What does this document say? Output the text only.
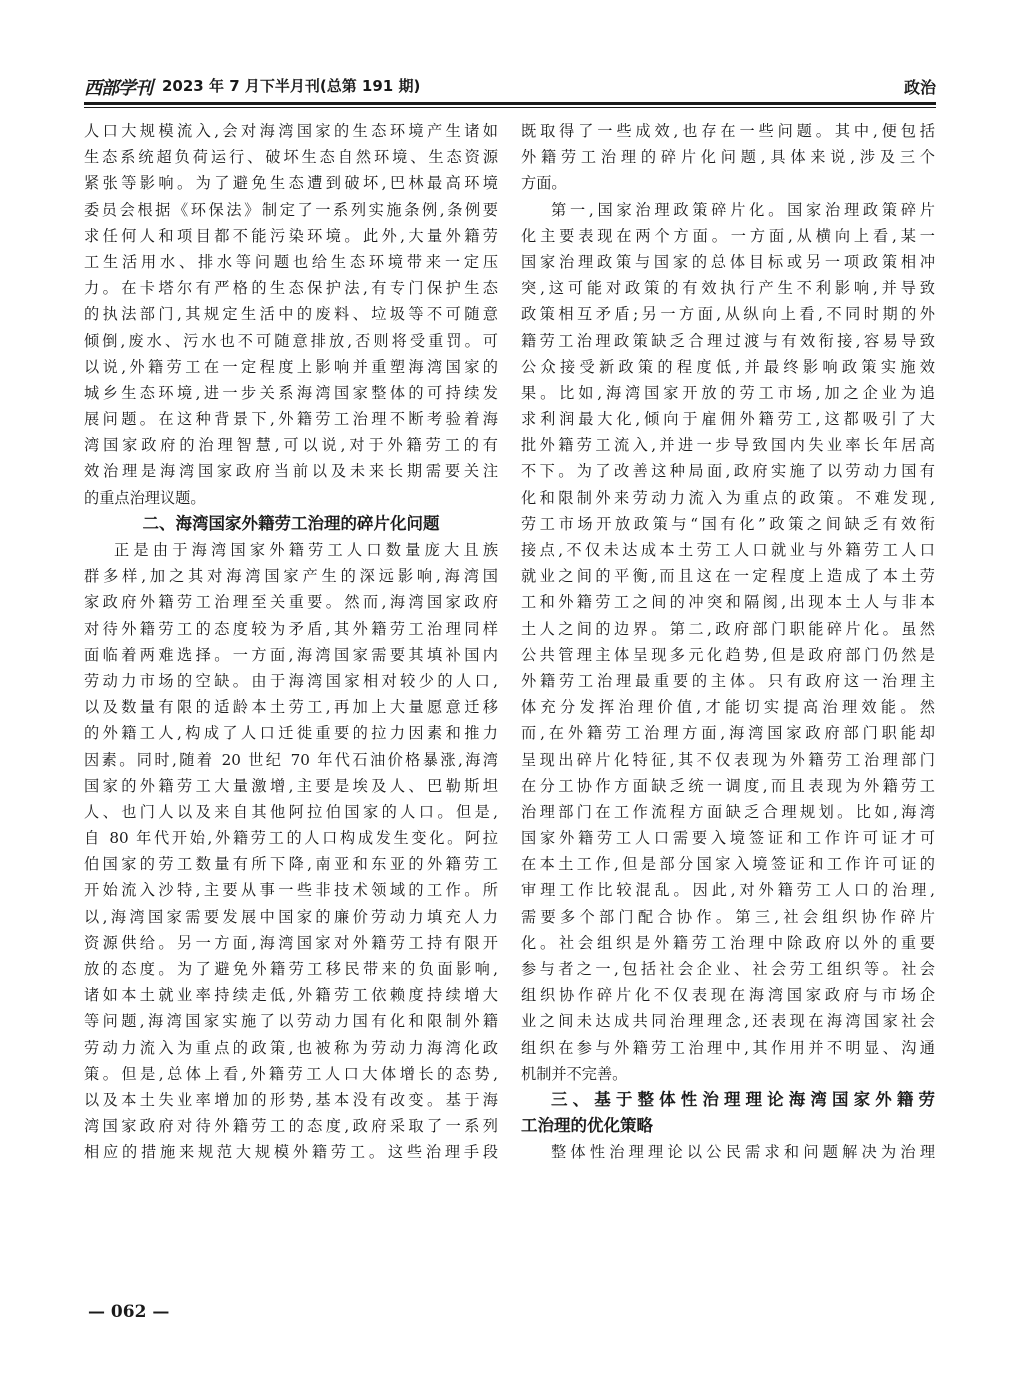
西部学刊 2023 年 7 月下半月刊(总第 191 期)	政治
人口大规模流入,会对海湾国家的生态环境产生诸如
生态系统超负荷运行、破坏生态自然环境、生态资源
紧张等影响。为了避免生态遭到破坏,巴林最高环境
委员会根据《环保法》制定了一系列实施条例,条例要
求任何人和项目都不能污染环境。此外,大量外籍劳
工生活用水、排水等问题也给生态环境带来一定压
力。在卡塔尔有严格的生态保护法,有专门保护生态
的执法部门,其规定生活中的废料、垃圾等不可随意
倾倒,废水、污水也不可随意排放,否则将受重罚。可
以说,外籍劳工在一定程度上影响并重塑海湾国家的
城乡生态环境,进一步关系海湾国家整体的可持续发
展问题。在这种背景下,外籍劳工治理不断考验着海
湾国家政府的治理智慧,可以说,对于外籍劳工的有
效治理是海湾国家政府当前以及未来长期需要关注
的重点治理议题。
二、海湾国家外籍劳工治理的碎片化问题
正是由于海湾国家外籍劳工人口数量庞大且族
群多样,加之其对海湾国家产生的深远影响,海湾国
家政府外籍劳工治理至关重要。然而,海湾国家政府
对待外籍劳工的态度较为矛盾,其外籍劳工治理同样
面临着两难选择。一方面,海湾国家需要其填补国内
劳动力市场的空缺。由于海湾国家相对较少的人口,
以及数量有限的适龄本土劳工,再加上大量愿意迁移
的外籍工人,构成了人口迁徙重要的拉力因素和推力
因素。同时,随着 20 世纪 70 年代石油价格暴涨,海湾
国家的外籍劳工大量激增,主要是埃及人、巴勒斯坦
人、也门人以及来自其他阿拉伯国家的人口。但是,
自 80 年代开始,外籍劳工的人口构成发生变化。阿拉
伯国家的劳工数量有所下降,南亚和东亚的外籍劳工
开始流入沙特,主要从事一些非技术领域的工作。所
以,海湾国家需要发展中国家的廉价劳动力填充人力
资源供给。另一方面,海湾国家对外籍劳工持有限开
放的态度。为了避免外籍劳工移民带来的负面影响,
诸如本土就业率持续走低,外籍劳工依赖度持续增大
等问题,海湾国家实施了以劳动力国有化和限制外籍
劳动力流入为重点的政策,也被称为劳动力海湾化政
策。但是,总体上看,外籍劳工人口大体增长的态势,
以及本土失业率增加的形势,基本没有改变。基于海
湾国家政府对待外籍劳工的态度,政府采取了一系列
相应的措施来规范大规模外籍劳工。这些治理手段
既取得了一些成效,也存在一些问题。其中,便包括
外籍劳工治理的碎片化问题,具体来说,涉及三个
方面。
第一,国家治理政策碎片化。国家治理政策碎片
化主要表现在两个方面。一方面,从横向上看,某一
国家治理政策与国家的总体目标或另一项政策相冲
突,这可能对政策的有效执行产生不利影响,并导致
政策相互矛盾;另一方面,从纵向上看,不同时期的外
籍劳工治理政策缺乏合理过渡与有效衔接,容易导致
公众接受新政策的程度低,并最终影响政策实施效
果。比如,海湾国家开放的劳工市场,加之企业为追
求利润最大化,倾向于雇佣外籍劳工,这都吸引了大
批外籍劳工流入,并进一步导致国内失业率长年居高
不下。为了改善这种局面,政府实施了以劳动力国有
化和限制外来劳动力流入为重点的政策。不难发现,
劳工市场开放政策与“国有化”政策之间缺乏有效衔
接点,不仅未达成本土劳工人口就业与外籍劳工人口
就业之间的平衡,而且这在一定程度上造成了本土劳
工和外籍劳工之间的冲突和隔阂,出现本土人与非本
土人之间的边界。第二,政府部门职能碎片化。虽然
公共管理主体呈现多元化趋势,但是政府部门仍然是
外籍劳工治理最重要的主体。只有政府这一治理主
体充分发挥治理价值,才能切实提高治理效能。然
而,在外籍劳工治理方面,海湾国家政府部门职能却
呈现出碎片化特征,其不仅表现为外籍劳工治理部门
在分工协作方面缺乏统一调度,而且表现为外籍劳工
治理部门在工作流程方面缺乏合理规划。比如,海湾
国家外籍劳工人口需要入境签证和工作许可证才可
在本土工作,但是部分国家入境签证和工作许可证的
审理工作比较混乱。因此,对外籍劳工人口的治理,
需要多个部门配合协作。第三,社会组织协作碎片
化。社会组织是外籍劳工治理中除政府以外的重要
参与者之一,包括社会企业、社会劳工组织等。社会
组织协作碎片化不仅表现在海湾国家政府与市场企
业之间未达成共同治理理念,还表现在海湾国家社会
组织在参与外籍劳工治理中,其作用并不明显、沟通
机制并不完善。
三、基于整体性治理理论海湾国家外籍劳
工治理的优化策略
整体性治理理论以公民需求和问题解决为治理
— 062 —
